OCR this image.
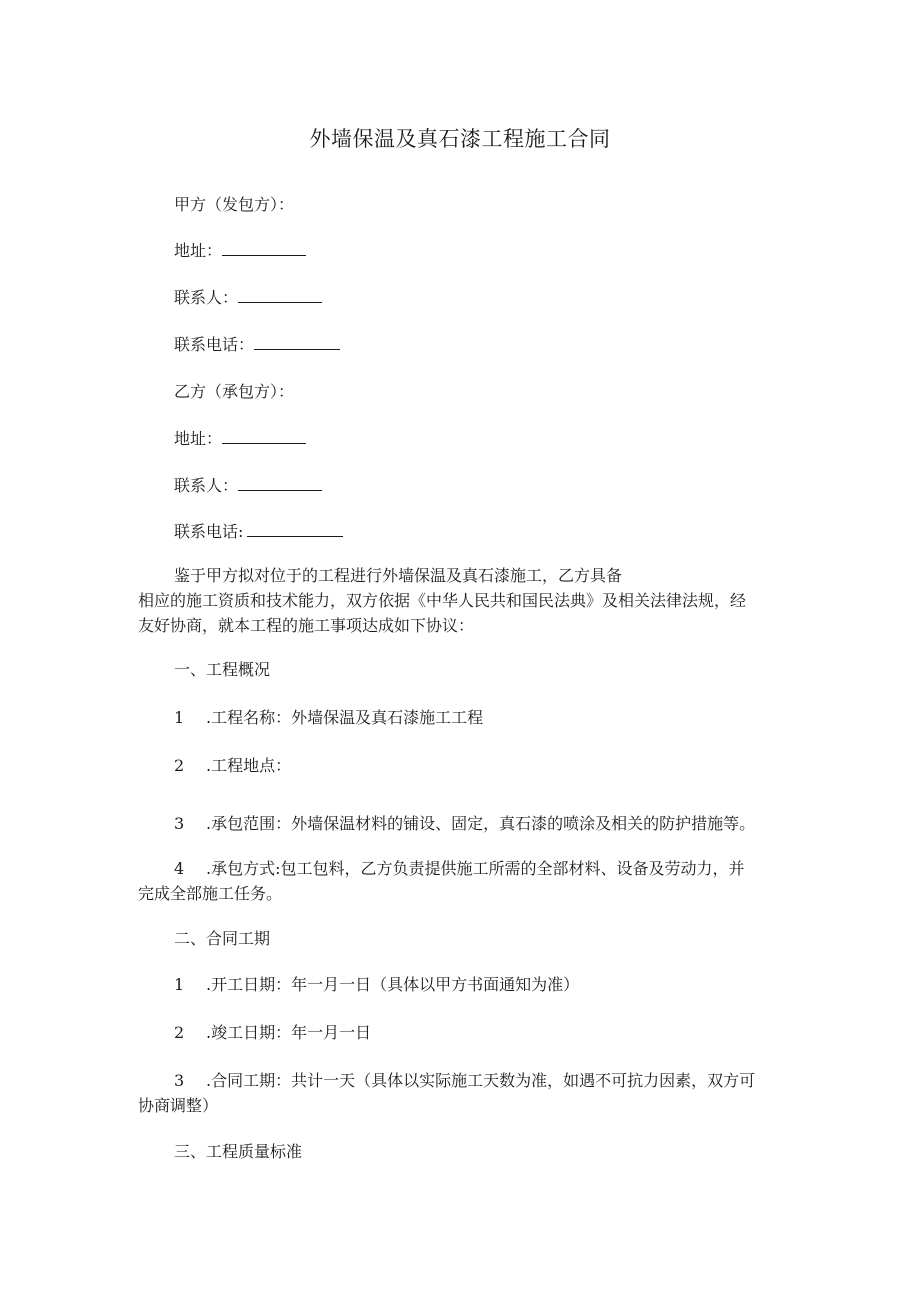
外墙保温及真石漆工程施工合同
甲方（发包方）：
地址：
联系人：
联系电话：
乙方（承包方）：
地址：
联系人：
联系电话:
鉴于甲方拟对位于的工程进行外墙保温及真石漆施工，乙方具备
相应的施工资质和技术能力，双方依据《中华人民共和国民法典》及相关法律法规，经
友好协商，就本工程的施工事项达成如下协议：
一、工程概况
1 .工程名称：外墙保温及真石漆施工工程
2 .工程地点：
3 .承包范围：外墙保温材料的铺设、固定，真石漆的喷涂及相关的防护措施等。
4 .承包方式:包工包料，乙方负责提供施工所需的全部材料、设备及劳动力，并
完成全部施工任务。
二、合同工期
1 .开工日期：年一月一日（具体以甲方书面通知为准）
2 .竣工日期：年一月一日
3 .合同工期：共计一天（具体以实际施工天数为准，如遇不可抗力因素，双方可
协商调整）
三、工程质量标准
